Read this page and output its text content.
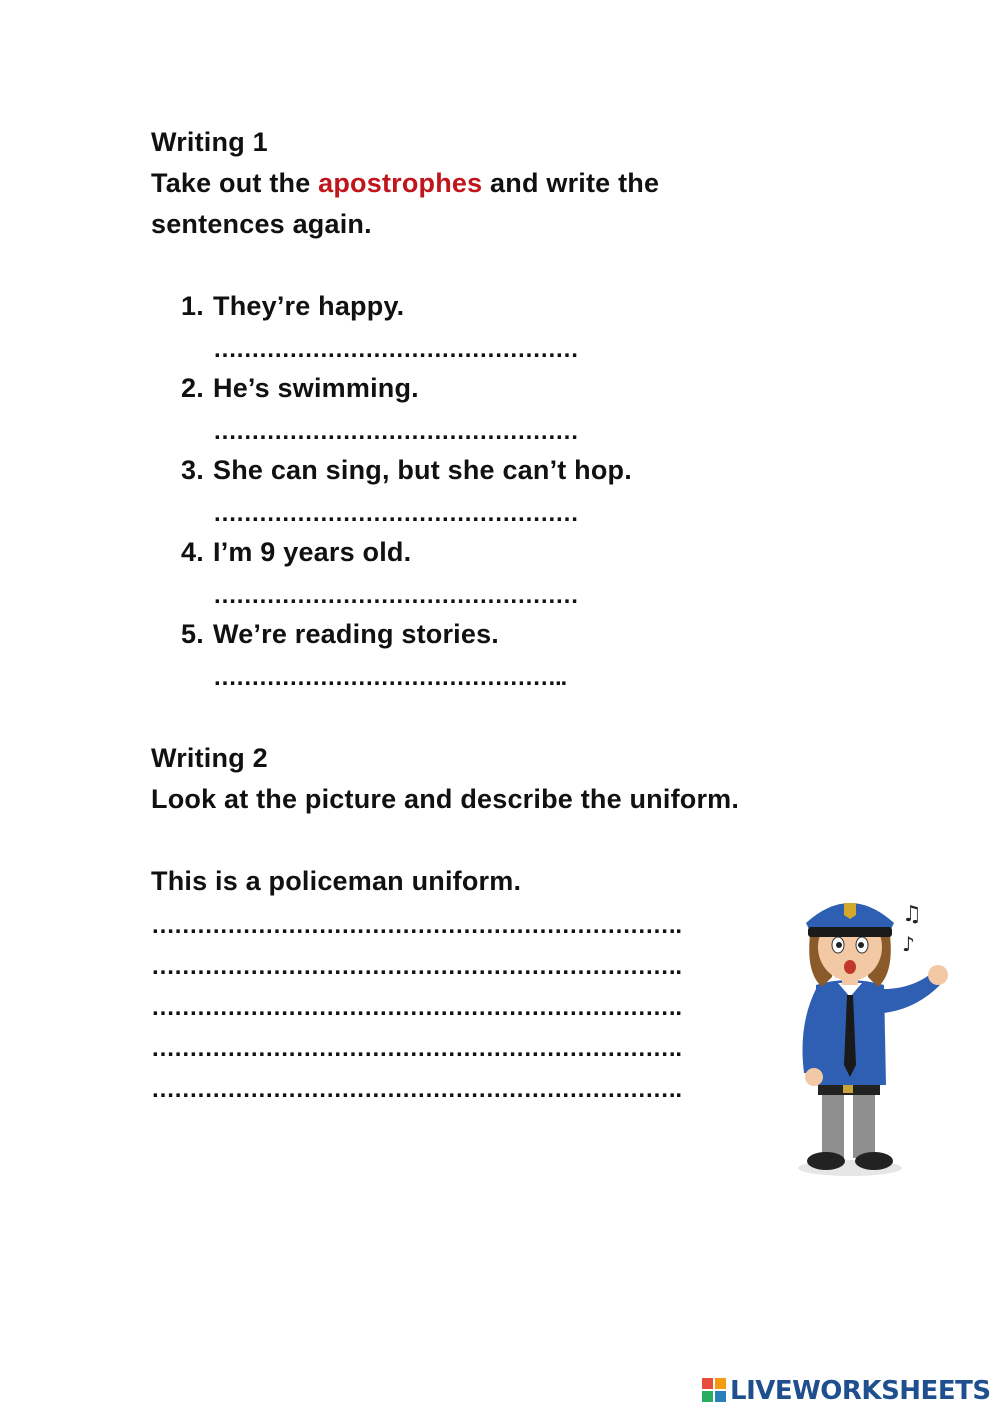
Writing 1
Take out the apostrophes and write the
sentences again.
1. They’re happy.
…………………………………………
2. He’s swimming.
…………………………………………
3. She can sing, but she can’t hop.
…………………………………………
4. I’m 9 years old.
…………………………………………
5. We’re reading stories.
………………………………………..
Writing 2
Look at the picture and describe the uniform.
This is a policeman uniform.
…………………………………………………………….
…………………………………………………………….
…………………………………………………………….
…………………………………………………………….
…………………………………………………………….
♫
♪
LIVEWORKSHEETS
